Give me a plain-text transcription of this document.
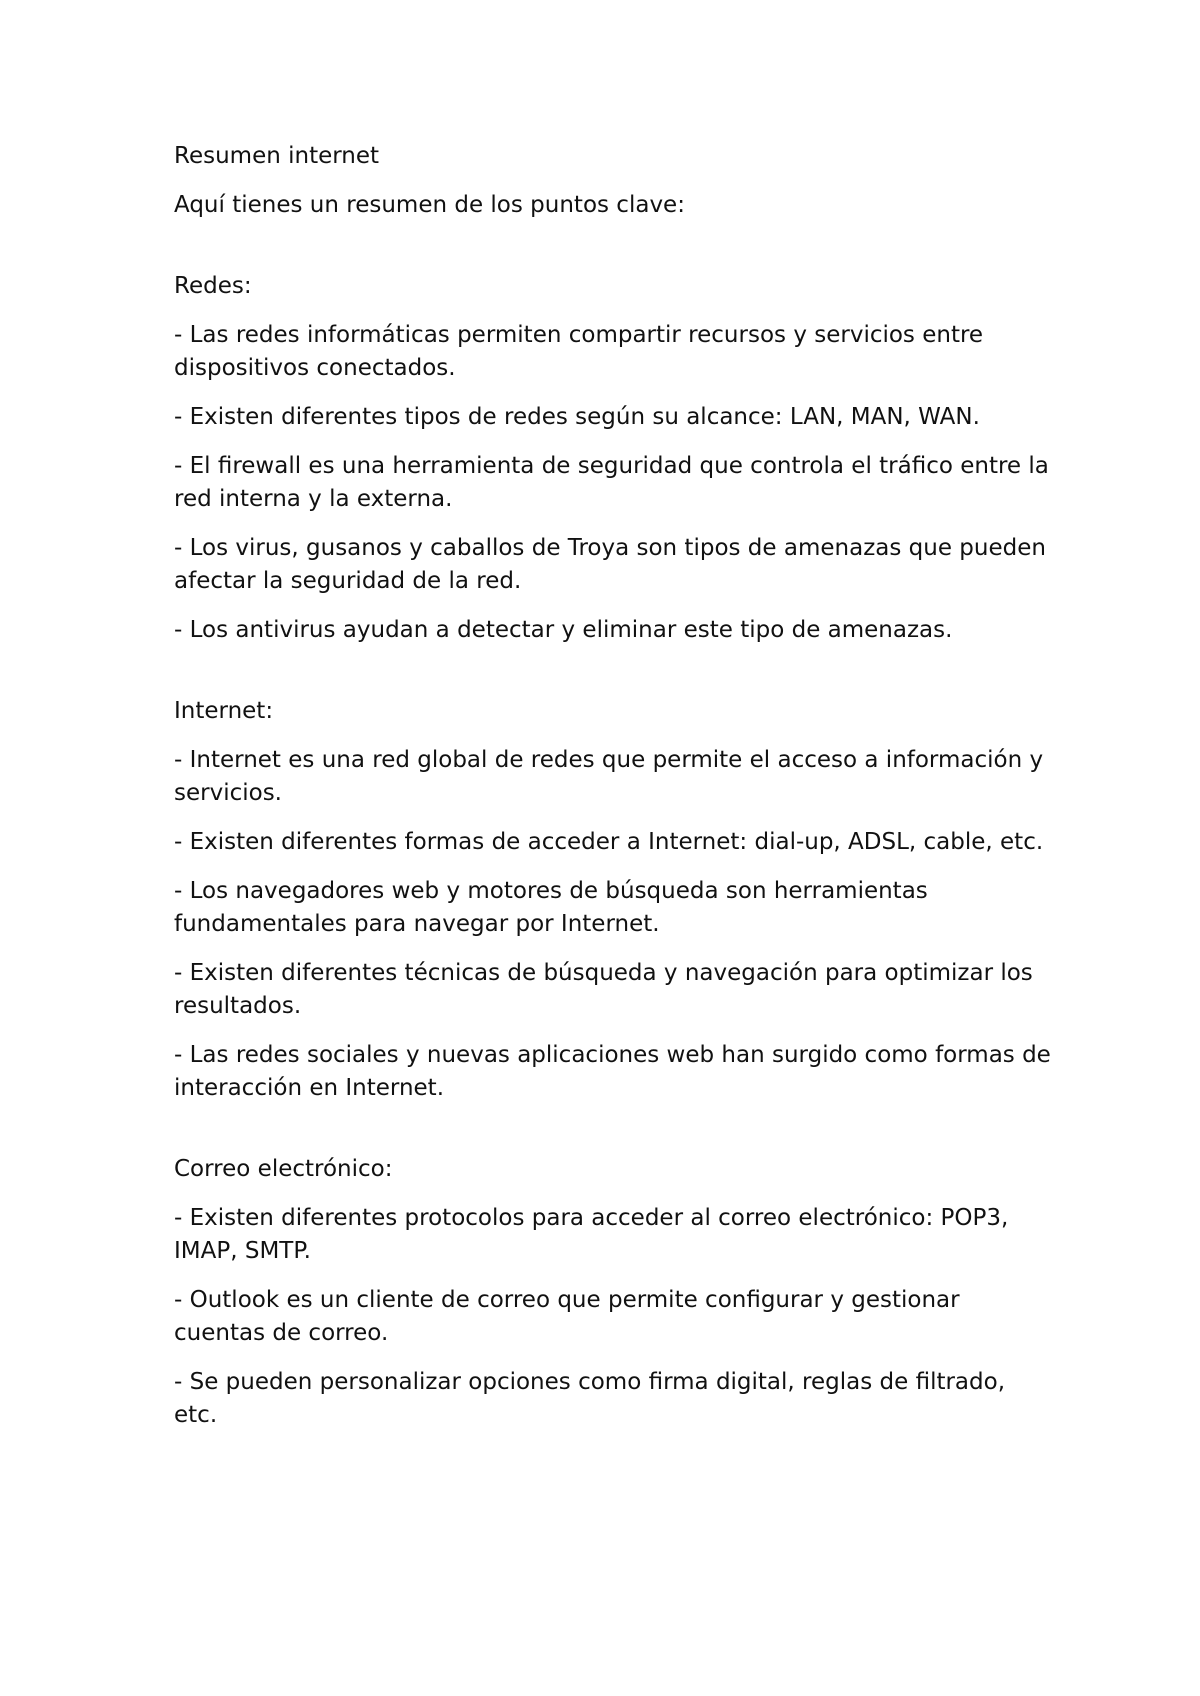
Resumen internet

Aquí tienes un resumen de los puntos clave:

Redes:

- Las redes informáticas permiten compartir recursos y servicios entre dispositivos conectados.

- Existen diferentes tipos de redes según su alcance: LAN, MAN, WAN.

- El firewall es una herramienta de seguridad que controla el tráfico entre la red interna y la externa.

- Los virus, gusanos y caballos de Troya son tipos de amenazas que pueden afectar la seguridad de la red.

- Los antivirus ayudan a detectar y eliminar este tipo de amenazas.

Internet:

- Internet es una red global de redes que permite el acceso a información y servicios.

- Existen diferentes formas de acceder a Internet: dial-up, ADSL, cable, etc.

- Los navegadores web y motores de búsqueda son herramientas fundamentales para navegar por Internet.

- Existen diferentes técnicas de búsqueda y navegación para optimizar los resultados.

- Las redes sociales y nuevas aplicaciones web han surgido como formas de interacción en Internet.

Correo electrónico:

- Existen diferentes protocolos para acceder al correo electrónico: POP3, IMAP, SMTP.

- Outlook es un cliente de correo que permite configurar y gestionar cuentas de correo.

- Se pueden personalizar opciones como firma digital, reglas de filtrado, etc.
